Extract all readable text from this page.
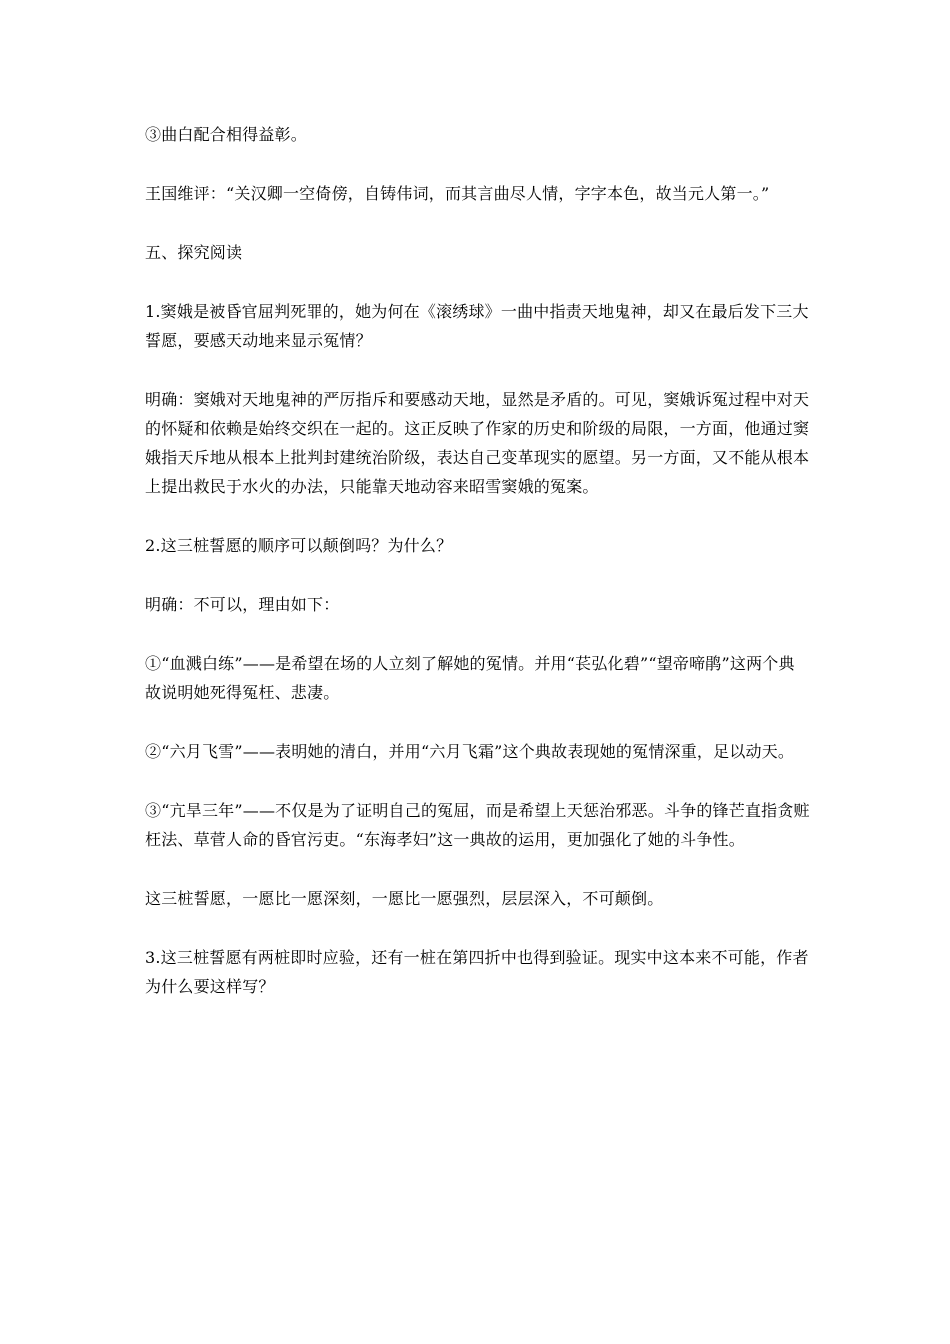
③曲白配合相得益彰。

王国维评：“关汉卿一空倚傍，自铸伟词，而其言曲尽人情，字字本色，故当元人第一。”

五、探究阅读

1.窦娥是被昏官屈判死罪的，她为何在《滚绣球》一曲中指责天地鬼神，却又在最后发下三大誓愿，要感天动地来显示冤情？

明确：窦娥对天地鬼神的严厉指斥和要感动天地，显然是矛盾的。可见，窦娥诉冤过程中对天的怀疑和依赖是始终交织在一起的。这正反映了作家的历史和阶级的局限，一方面，他通过窦娥指天斥地从根本上批判封建统治阶级，表达自己变革现实的愿望。另一方面，又不能从根本上提出救民于水火的办法，只能靠天地动容来昭雪窦娥的冤案。

2.这三桩誓愿的顺序可以颠倒吗？为什么？

明确：不可以，理由如下：

①“血溅白练”——是希望在场的人立刻了解她的冤情。并用“苌弘化碧”“望帝啼鹃”这两个典故说明她死得冤枉、悲凄。

②“六月飞雪”——表明她的清白，并用“六月飞霜”这个典故表现她的冤情深重，足以动天。

③“亢旱三年”——不仅是为了证明自己的冤屈，而是希望上天惩治邪恶。斗争的锋芒直指贪赃枉法、草菅人命的昏官污吏。“东海孝妇”这一典故的运用，更加强化了她的斗争性。

这三桩誓愿，一愿比一愿深刻，一愿比一愿强烈，层层深入，不可颠倒。

3.这三桩誓愿有两桩即时应验，还有一桩在第四折中也得到验证。现实中这本来不可能，作者为什么要这样写？
